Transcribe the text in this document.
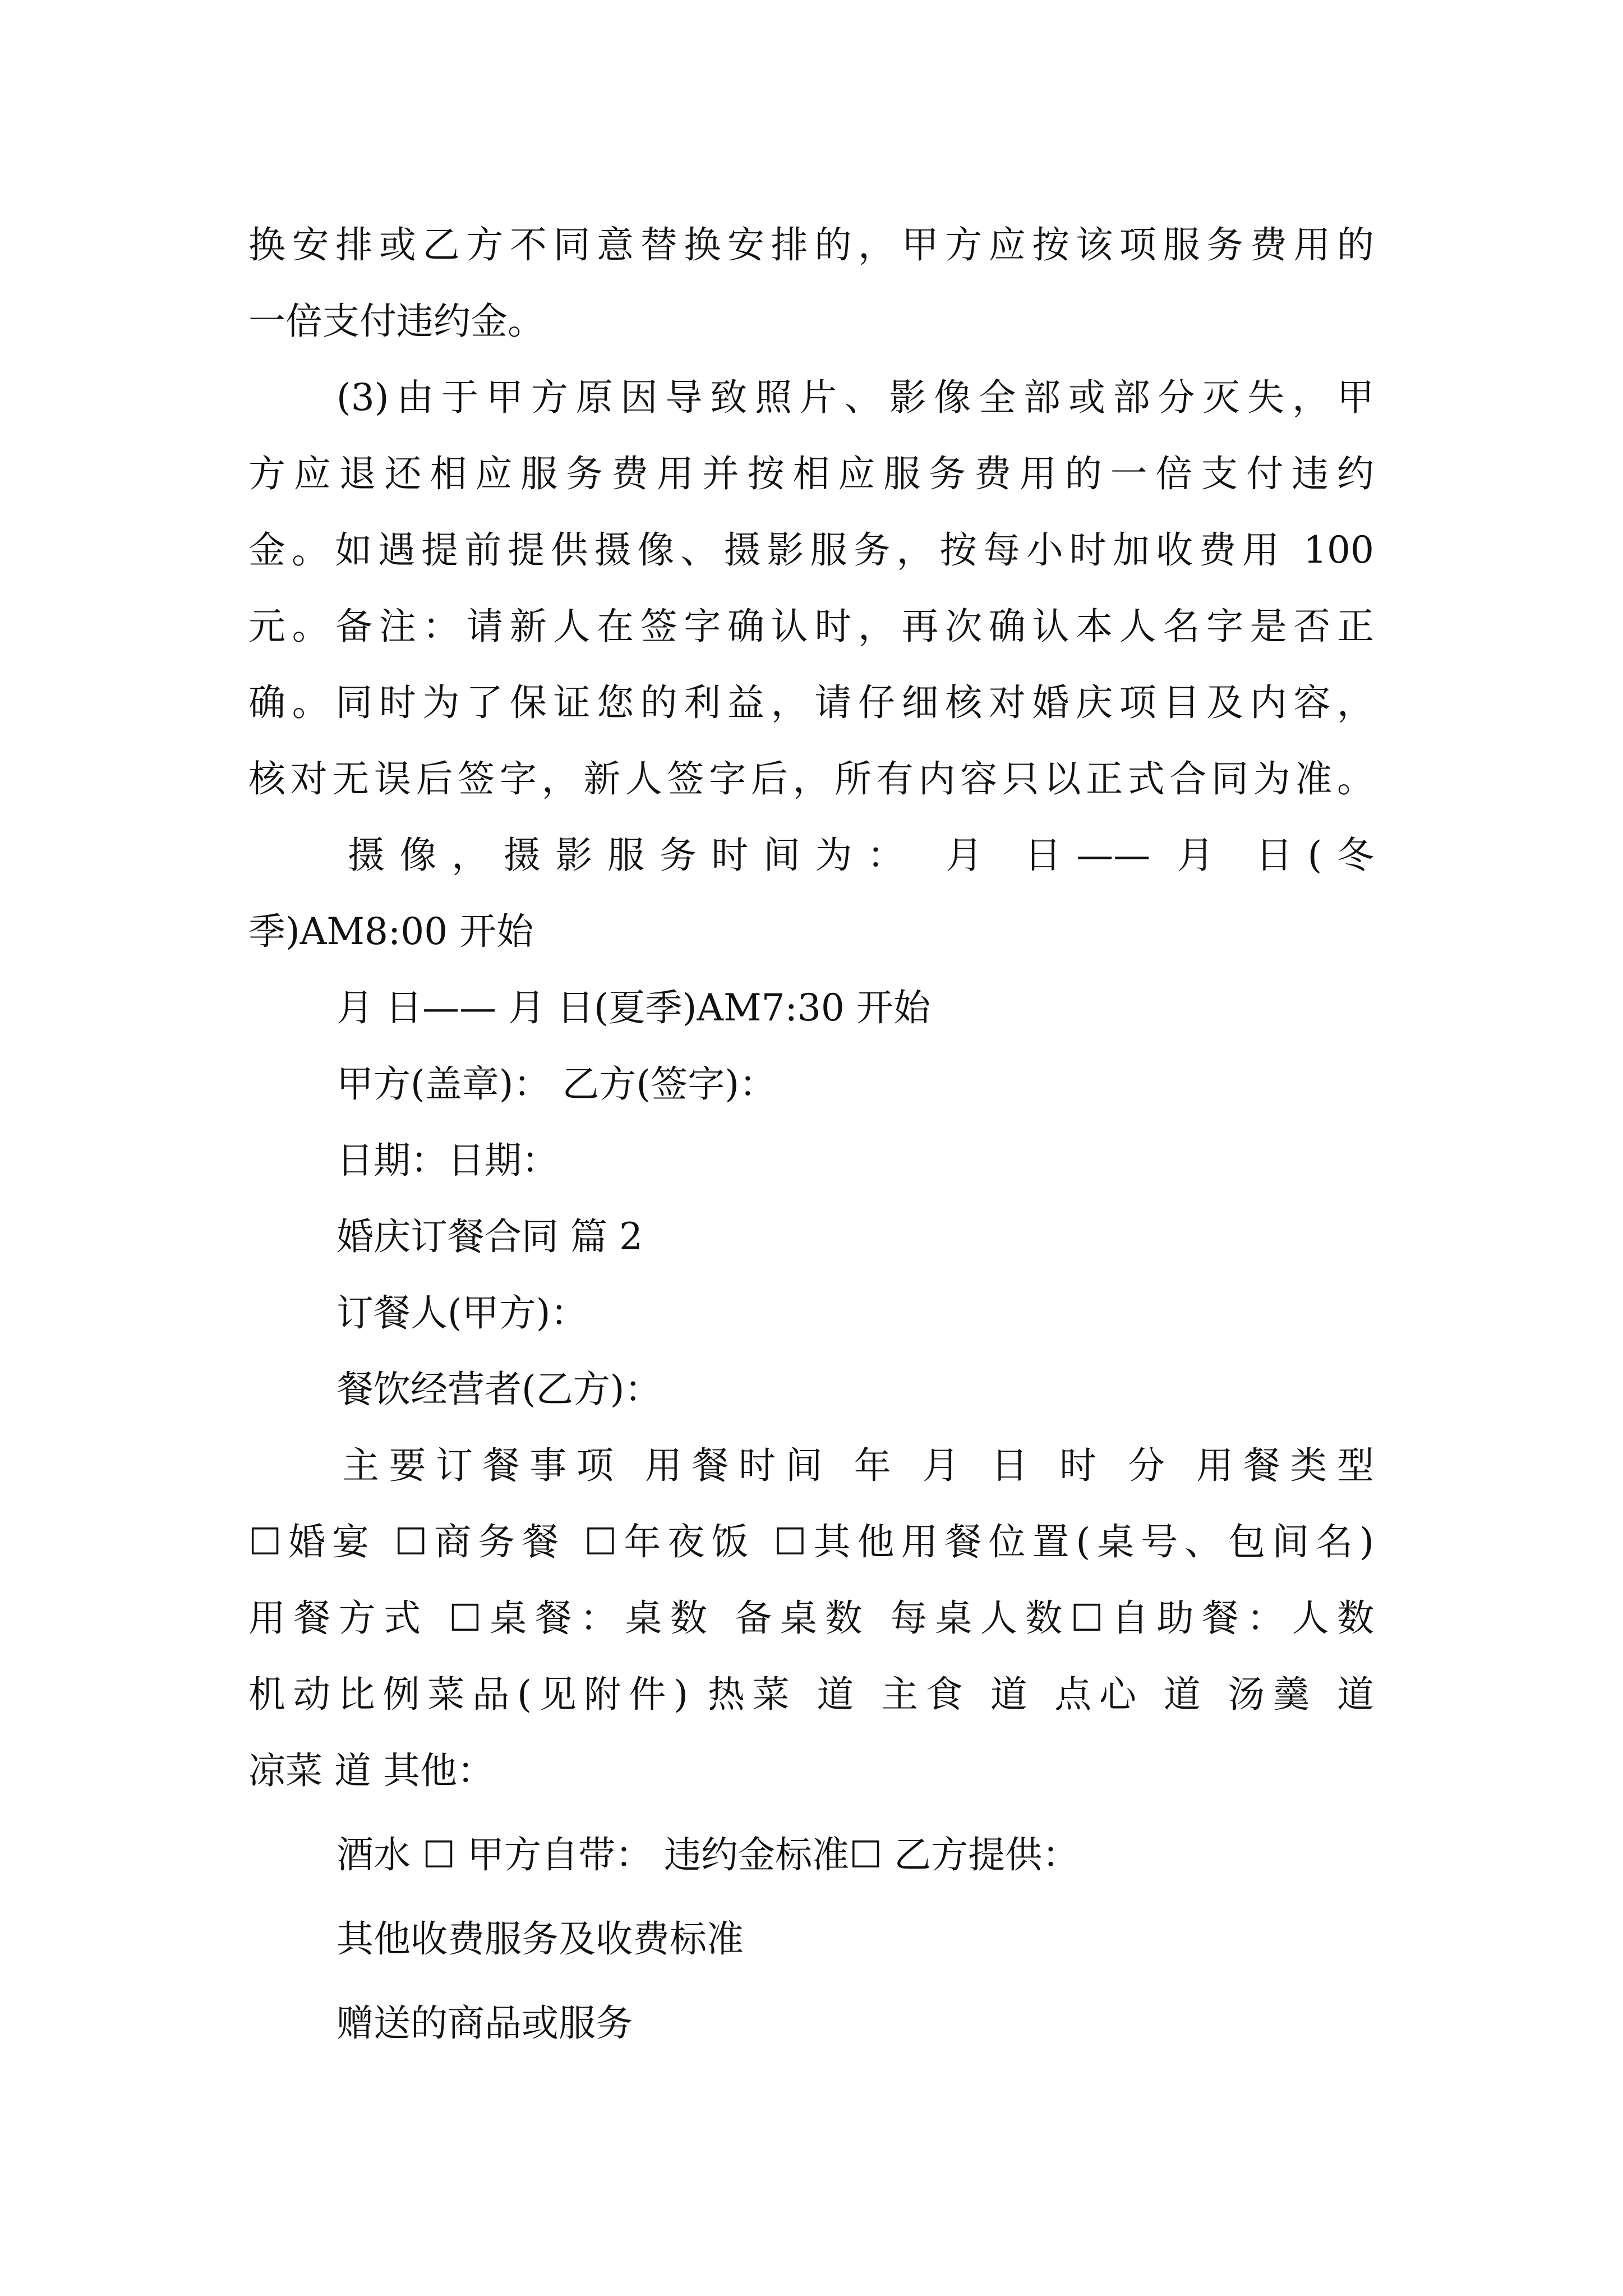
换安排或乙方不同意替换安排的，甲方应按该项服务费用的
一倍支付违约金。
(3)由于甲方原因导致照片、影像全部或部分灭失，甲
方应退还相应服务费用并按相应服务费用的一倍支付违约
金。如遇提前提供摄像、摄影服务，按每小时加收费用 100
元。备注：请新人在签字确认时，再次确认本人名字是否正
确。同时为了保证您的利益，请仔细核对婚庆项目及内容，
核对无误后签字，新人签字后，所有内容只以正式合同为准。
摄像，摄影服务时间为： 月 日—— 月 日(冬
季)AM8:00 开始
月 日—— 月 日(夏季)AM7:30 开始
甲方(盖章)： 乙方(签字)：
日期：日期：
婚庆订餐合同 篇 2
订餐人(甲方)：
餐饮经营者(乙方)：
主要订餐事项 用餐时间 年 月 日 时 分 用餐类型
☐婚宴 ☐商务餐 ☐年夜饭 ☐其他用餐位置(桌号、包间名)
用餐方式 ☐桌餐：桌数 备桌数 每桌人数☐自助餐：人数
机动比例菜品(见附件) 热菜 道 主食 道 点心 道 汤羹 道
凉菜 道 其他：
酒水 ☐ 甲方自带： 违约金标准☐ 乙方提供：
其他收费服务及收费标准
赠送的商品或服务
